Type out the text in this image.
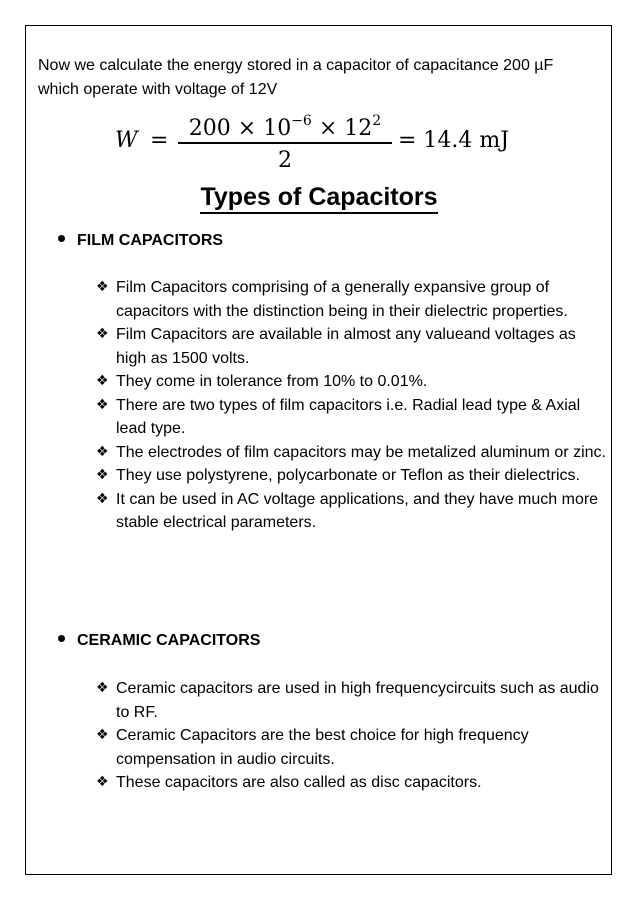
Now we calculate the energy stored in a capacitor of capacitance 200 µF which operate with voltage of 12V
$W = 200 \times 10^{-6} \times 12^2$
2
= 14.4 mJ
Types of Capacitors
FILM CAPACITORS
❖ Film Capacitors comprising of a generally expansive group of capacitors with the distinction being in their dielectric properties.
❖ Film Capacitors are available in almost any valueand voltages as high as 1500 volts.
❖ They come in tolerance from 10% to 0.01%.
❖ There are two types of film capacitors i.e. Radial lead type & Axial lead type.
❖ The electrodes of film capacitors may be metalized aluminum or zinc.
❖ They use polystyrene, polycarbonate or Teflon as their dielectrics.
❖ It can be used in AC voltage applications, and they have much more stable electrical parameters.
CERAMIC CAPACITORS
❖ Ceramic capacitors are used in high frequencycircuits such as audio to RF.
❖ Ceramic Capacitors are the best choice for high frequency compensation in audio circuits.
❖ These capacitors are also called as disc capacitors.
